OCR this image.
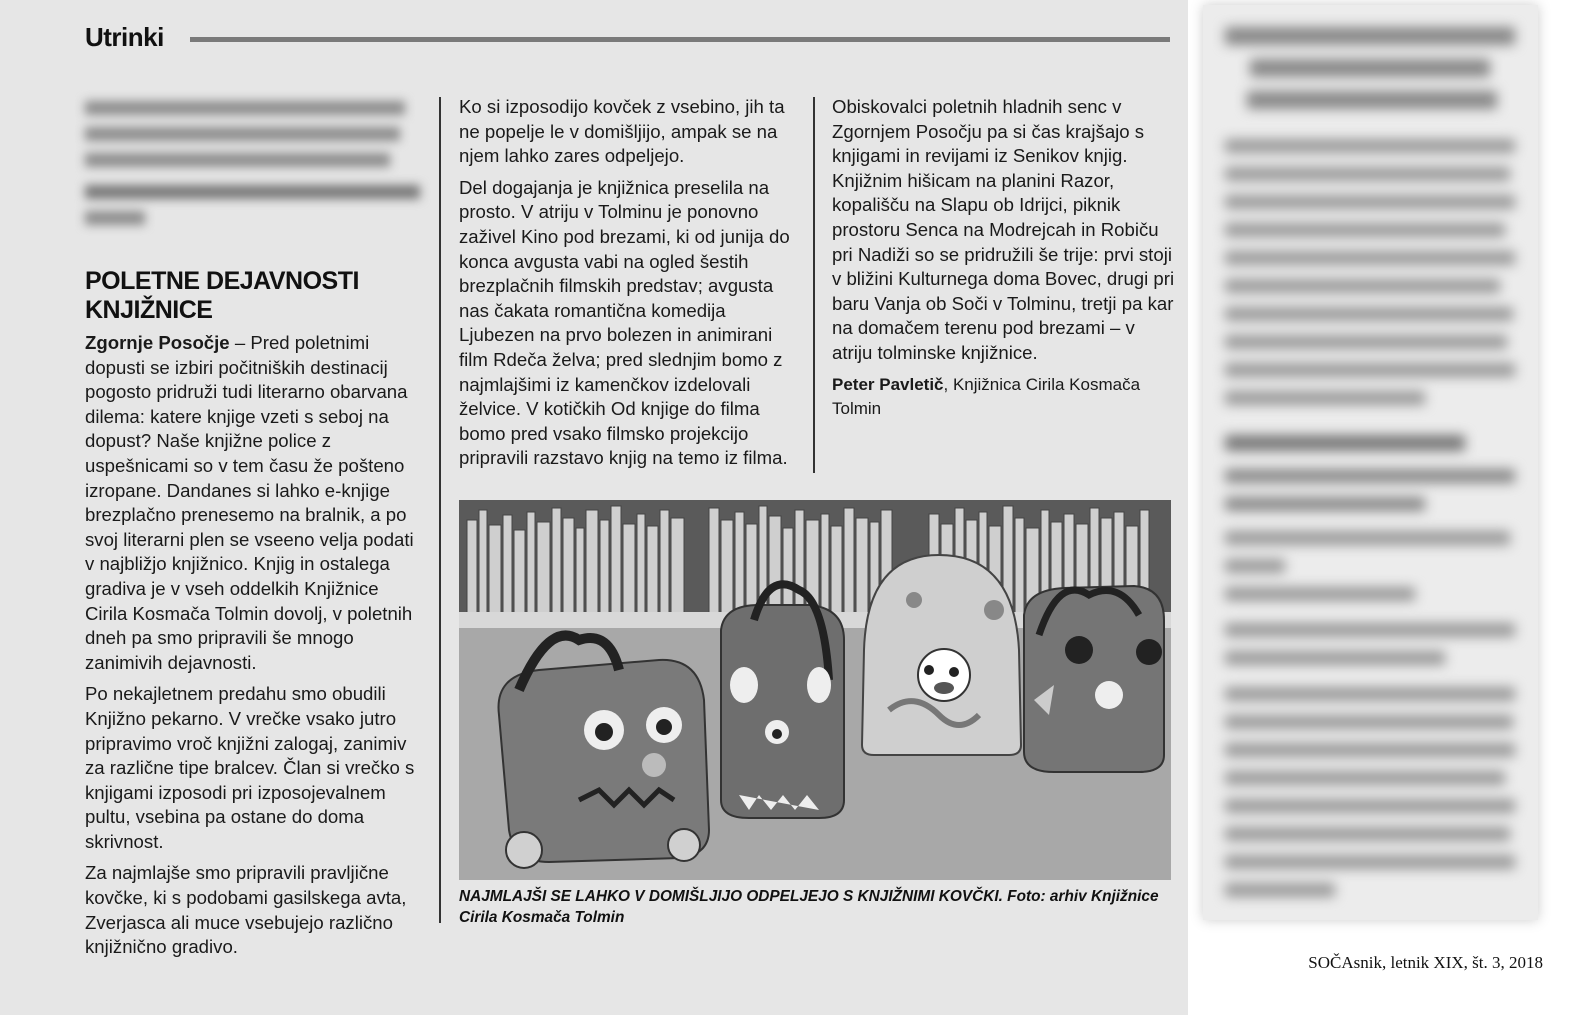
Utrinki
POLETNE DEJAVNOSTI
KNJIŽNICE

Zgornje Posočje – Pred poletnimi dopusti se izbiri počitniških destinacij pogosto pridruži tudi literarno obarvana dilema: katere knjige vzeti s seboj na dopust? Naše knjižne police z uspešnicami so v tem času že pošteno izropane. Dandanes si lahko e-knjige brezplačno prenesemo na bralnik, a po svoj literarni plen se vseeno velja podati v najbližjo knjižnico. Knjig in ostalega gradiva je v vseh oddelkih Knjižnice Cirila Kosmača Tolmin dovolj, v poletnih dneh pa smo pripravili še mnogo zanimivih dejavnosti.

Po nekajletnem predahu smo obudili Knjižno pekarno. V vrečke vsako jutro pripravimo vroč knjižni zalogaj, zanimiv za različne tipe bralcev. Član si vrečko s knjigami izposodi pri izposojevalnem pultu, vsebina pa ostane do doma skrivnost.

Za najmlajše smo pripravili pravljične kovčke, ki s podobami gasilskega avta, Zverjasca ali muce vsebujejo različno knjižnično gradivo.

Ko si izposodijo kovček z vsebino, jih ta ne popelje le v domišljijo, ampak se na njem lahko zares odpeljejo.

Del dogajanja je knjižnica preselila na prosto. V atriju v Tolminu je ponovno zaživel Kino pod brezami, ki od junija do konca avgusta vabi na ogled šestih brezplačnih filmskih predstav; avgusta nas čakata romantična komedija Ljubezen na prvo bolezen in animirani film Rdeča želva; pred slednjim bomo z najmlajšimi iz kamenčkov izdelovali želvice. V kotičkih Od knjige do filma bomo pred vsako filmsko projekcijo pripravili razstavo knjig na temo iz filma.

Obiskovalci poletnih hladnih senc v Zgornjem Posočju pa si čas krajšajo s knjigami in revijami iz Senikov knjig. Knjižnim hišicam na planini Razor, kopališču na Slapu ob Idrijci, piknik prostoru Senca na Modrejcah in Robiču pri Nadiži so se pridružili še trije: prvi stoji v bližini Kulturnega doma Bovec, drugi pri baru Vanja ob Soči v Tolminu, tretji pa kar na domačem terenu pod brezami – v atriju tolminske knjižnice.

Peter Pavletič, Knjižnica Cirila Kosmača Tolmin

NAJMLAJŠI SE LAHKO V DOMIŠLJIJO ODPELJEJO S KNJIŽNIMI KOVČKI. Foto: arhiv Knjižnice Cirila Kosmača Tolmin
SOČAsnik, letnik XIX, št. 3, 2018
